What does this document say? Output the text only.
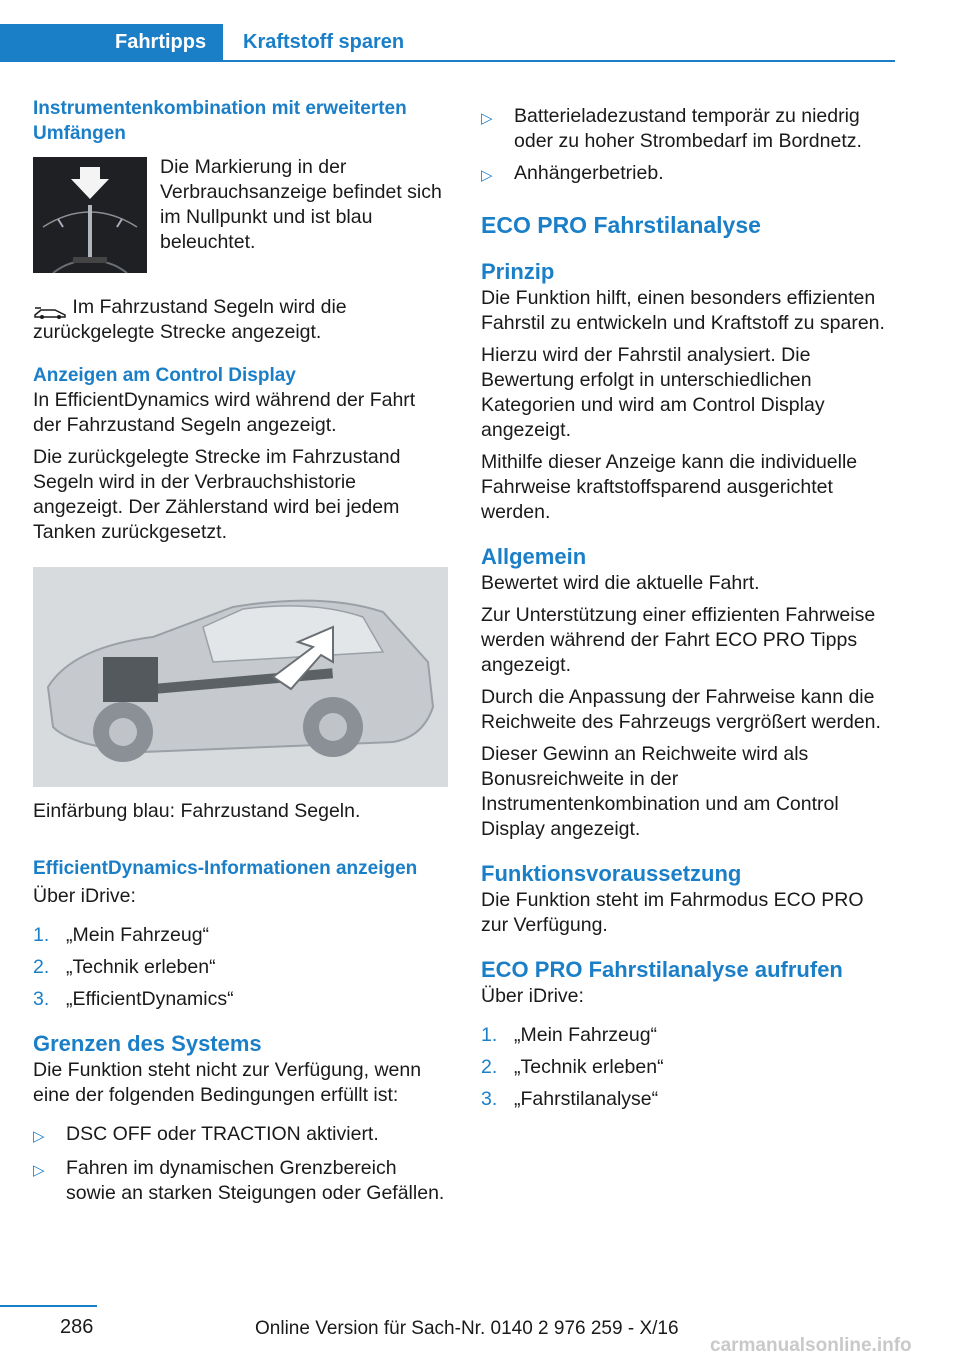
Fahrtipps	Kraftstoff sparen

Instrumentenkombination mit erweiterten Umfängen

Die Markierung in der Verbrauchsanzeige befindet sich im Nullpunkt und ist blau beleuchtet.

Im Fahrzustand Segeln wird die zurückgelegte Strecke angezeigt.

Anzeigen am Control Display

In EfficientDynamics wird während der Fahrt der Fahrzustand Segeln angezeigt.

Die zurückgelegte Strecke im Fahrzustand Segeln wird in der Verbrauchshistorie angezeigt. Der Zählerstand wird bei jedem Tanken zurückgesetzt.

Einfärbung blau: Fahrzustand Segeln.

EfficientDynamics-Informationen anzeigen

Über iDrive:

1. „Mein Fahrzeug“
2. „Technik erleben“
3. „EfficientDynamics“

Grenzen des Systems

Die Funktion steht nicht zur Verfügung, wenn eine der folgenden Bedingungen erfüllt ist:

▷	DSC OFF oder TRACTION aktiviert.
▷	Fahren im dynamischen Grenzbereich sowie an starken Steigungen oder Gefällen.
▷	Batterieladezustand temporär zu niedrig oder zu hoher Strombedarf im Bordnetz.
▷	Anhängerbetrieb.

ECO PRO Fahrstilanalyse

Prinzip

Die Funktion hilft, einen besonders effizienten Fahrstil zu entwickeln und Kraftstoff zu sparen.

Hierzu wird der Fahrstil analysiert. Die Bewertung erfolgt in unterschiedlichen Kategorien und wird am Control Display angezeigt.

Mithilfe dieser Anzeige kann die individuelle Fahrweise kraftstoffsparend ausgerichtet werden.

Allgemein

Bewertet wird die aktuelle Fahrt.

Zur Unterstützung einer effizienten Fahrweise werden während der Fahrt ECO PRO Tipps angezeigt.

Durch die Anpassung der Fahrweise kann die Reichweite des Fahrzeugs vergrößert werden.

Dieser Gewinn an Reichweite wird als Bonusreichweite in der Instrumentenkombination und am Control Display angezeigt.

Funktionsvoraussetzung

Die Funktion steht im Fahrmodus ECO PRO zur Verfügung.

ECO PRO Fahrstilanalyse aufrufen

Über iDrive:

1. „Mein Fahrzeug“
2. „Technik erleben“
3. „Fahrstilanalyse“
286	Online Version für Sach-Nr. 0140 2 976 259 - X/16
carmanualsonline.info
